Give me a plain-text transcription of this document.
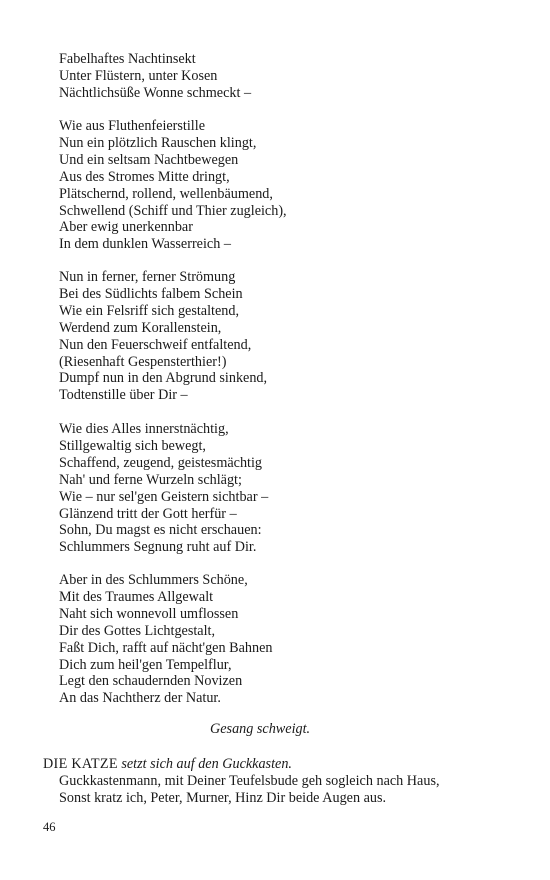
Fabelhaftes Nachtinsekt
Unter Flüstern, unter Kosen
Nächtlichsüße Wonne schmeckt –
Wie aus Fluthenfeierstille
Nun ein plötzlich Rauschen klingt,
Und ein seltsam Nachtbewegen
Aus des Stromes Mitte dringt,
Plätschernd, rollend, wellenbäumend,
Schwellend (Schiff und Thier zugleich),
Aber ewig unerkennbar
In dem dunklen Wasserreich –
Nun in ferner, ferner Strömung
Bei des Südlichts falbem Schein
Wie ein Felsriff sich gestaltend,
Werdend zum Korallenstein,
Nun den Feuerschweif entfaltend,
(Riesenhaft Gespensterthier!)
Dumpf nun in den Abgrund sinkend,
Todtenstille über Dir –
Wie dies Alles innerstnächtig,
Stillgewaltig sich bewegt,
Schaffend, zeugend, geistesmächtig
Nah' und ferne Wurzeln schlägt;
Wie – nur sel'gen Geistern sichtbar –
Glänzend tritt der Gott herfür –
Sohn, Du magst es nicht erschauen:
Schlummers Segnung ruht auf Dir.
Aber in des Schlummers Schöne,
Mit des Traumes Allgewalt
Naht sich wonnevoll umflossen
Dir des Gottes Lichtgestalt,
Faßt Dich, rafft auf nächt'gen Bahnen
Dich zum heil'gen Tempelflur,
Legt den schaudernden Novizen
An das Nachtherz der Natur.
Gesang schweigt.
DIE KATZE setzt sich auf den Guckkasten.
Guckkastenmann, mit Deiner Teufelsbude geh sogleich nach Haus,
Sonst kratz ich, Peter, Murner, Hinz Dir beide Augen aus.
46
